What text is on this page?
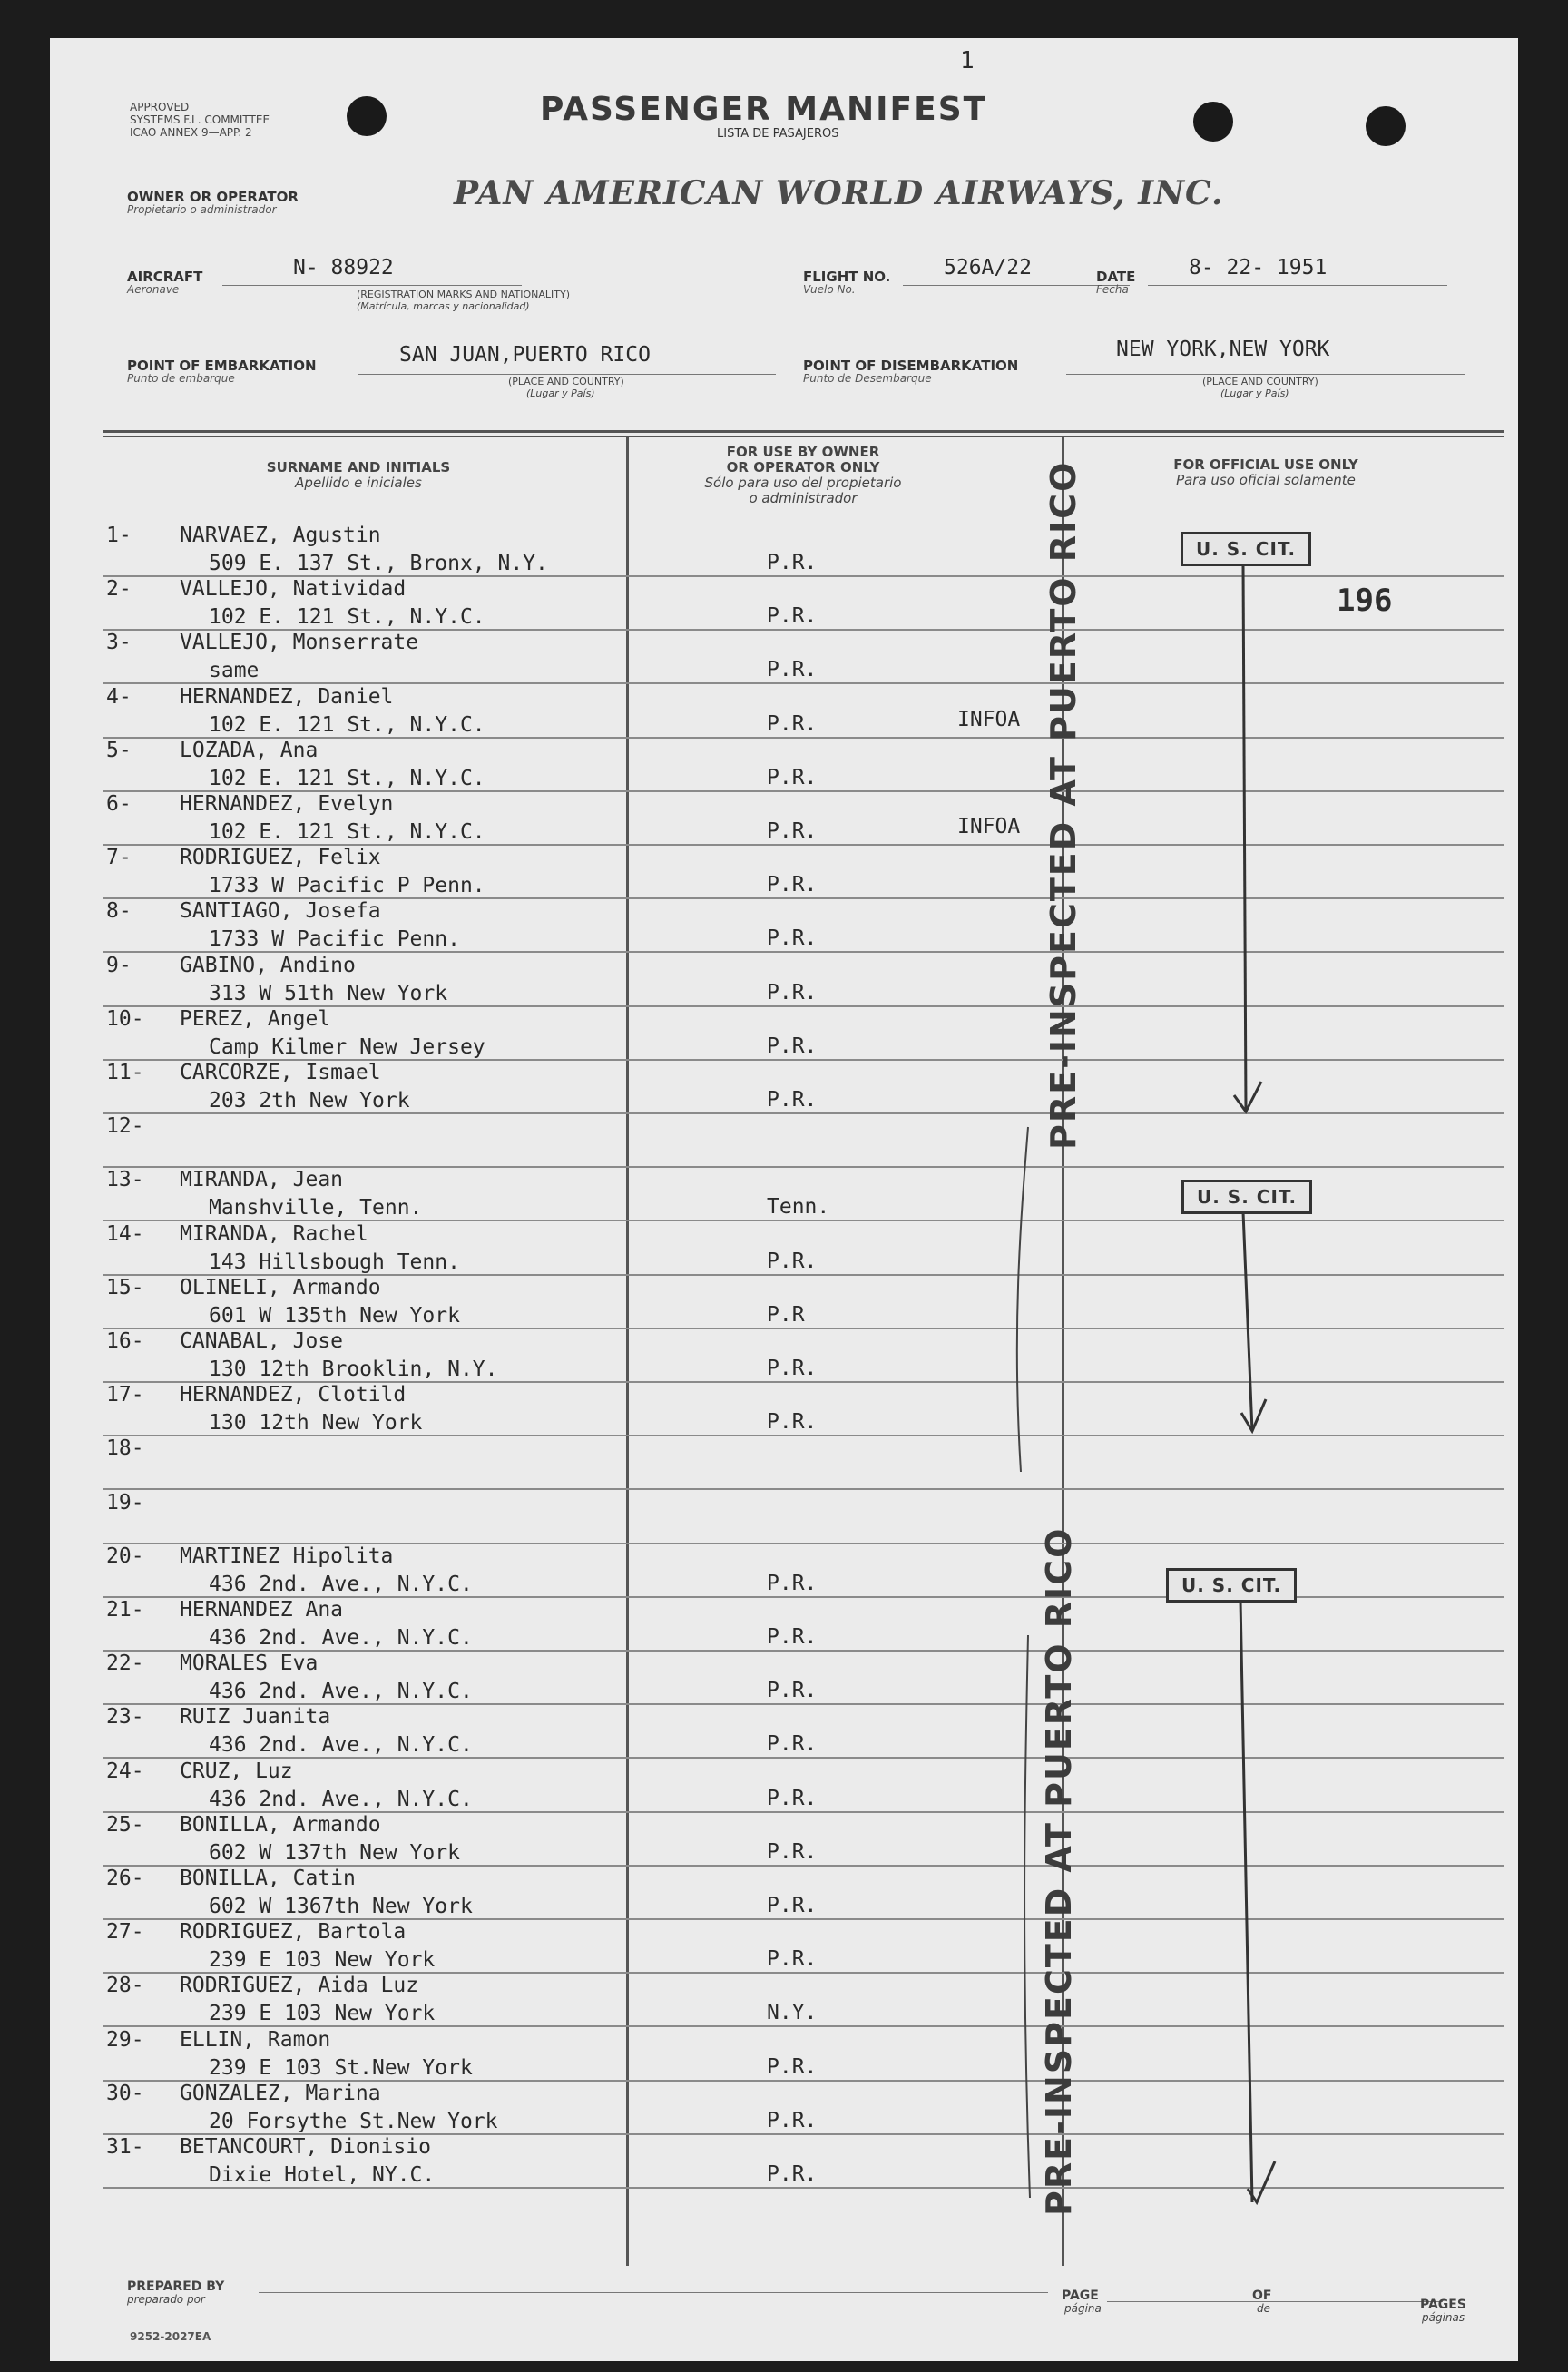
APPROVED
SYSTEMS F.L. COMMITTEE
ICAO ANNEX 9—APP. 2
PASSENGER MANIFEST
LISTA DE PASAJEROS
1
OWNER OR OPERATOR
Propietario o administrador	PAN AMERICAN WORLD AIRWAYS, INC.
AIRCRAFT
Aeronave
N- 88922
(REGISTRATION MARKS AND NATIONALITY)
(Matrícula, marcas y nacionalidad)
FLIGHT NO.
Vuelo No.
526A/22	DATE
Fecha
8- 22- 1951
POINT OF EMBARKATION
Punto de embarque
SAN JUAN,PUERTO RICO
(PLACE AND COUNTRY)
(Lugar y País)
POINT OF DISEMBARKATION
Punto de Desembarque
NEW YORK,NEW YORK
(PLACE AND COUNTRY)
(Lugar y País)
SURNAME AND INITIALS
Apellido e iniciales
FOR USE BY OWNER
OR OPERATOR ONLY
Sólo para uso del propietario
o administrador
FOR OFFICIAL USE ONLY
Para uso oficial solamente
1- NARVAEZ, Agustin
509 E. 137 St., Bronx, N.Y.	P.R.
2- VALLEJO, Natividad
102 E. 121 St., N.Y.C.	P.R.
3- VALLEJO, Monserrate
same	P.R.
4- HERNANDEZ, Daniel
102 E. 121 St., N.Y.C.	P.R.	INFOA
5- LOZADA, Ana
102 E. 121 St., N.Y.C.	P.R.
6- HERNANDEZ, Evelyn
102 E. 121 St., N.Y.C.	P.R.	INFOA
7- RODRIGUEZ, Felix
1733 W Pacific P Penn.	P.R.
8- SANTIAGO, Josefa
1733 W Pacific Penn.	P.R.
9- GABINO, Andino
313 W 51th New York	P.R.
10- PEREZ, Angel
Camp Kilmer New Jersey	P.R.
11- CARCORZE, Ismael
203 2th New York	P.R.
12-
13- MIRANDA, Jean
Manshville, Tenn.	Tenn.
14- MIRANDA, Rachel
143 Hillsbough Tenn.	P.R.
15- OLINELI, Armando
601 W 135th New York	P.R
16- CANABAL, Jose
130 12th Brooklin, N.Y.	P.R.
17- HERNANDEZ, Clotild
130 12th New York	P.R.
18-
19-
20- MARTINEZ Hipolita
436 2nd. Ave., N.Y.C.	P.R.
21- HERNANDEZ Ana
436 2nd. Ave., N.Y.C.	P.R.
22- MORALES Eva
436 2nd. Ave., N.Y.C.	P.R.
23- RUIZ Juanita
436 2nd. Ave., N.Y.C.	P.R.
24- CRUZ, Luz
436 2nd. Ave., N.Y.C.	P.R.
25- BONILLA, Armando
602 W 137th New York	P.R.
26- BONILLA, Catin
602 W 1367th New York	P.R.
27- RODRIGUEZ, Bartola
239 E 103 New York	P.R.
28- RODRIGUEZ, Aida Luz
239 E 103 New York	N.Y.
29- ELLIN, Ramon
239 E 103 St.New York	P.R.
30- GONZALEZ, Marina
20 Forsythe St.New York	P.R.
31- BETANCOURT, Dionisio
Dixie Hotel, NY.C.	P.R.
U. S. CIT.
U. S. CIT.
U. S. CIT.
196
PRE-INSPECTED AT PUERTO RICO
PRE-INSPECTED AT PUERTO RICO
PREPARED BY
preparado por	PAGE
página
OF
de	PAGES
páginas
9252-2027EA
